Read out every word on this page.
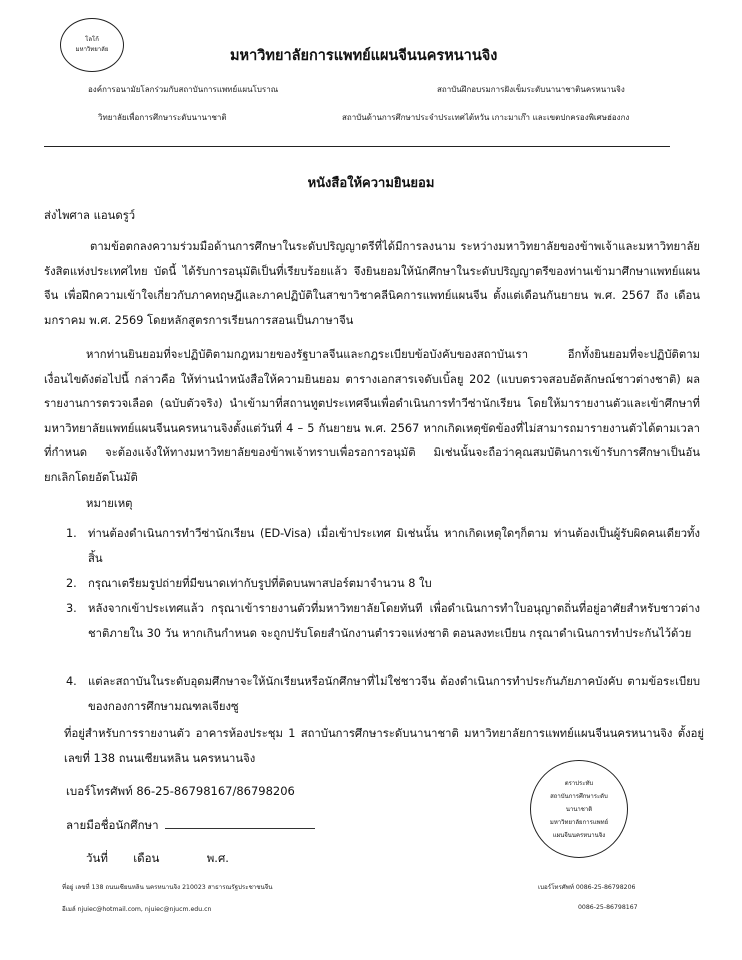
โลโก้
มหาวิทยาลัย	มหาวิทยาลัยการแพทย์แผนจีนนครหนานจิง
องค์การอนามัยโลกร่วมกับสถาบันการแพทย์แผนโบราณ	สถาบันฝึกอบรมการฝังเข็มระดับนานาชาตินครหนานจิง
วิทยาลัยเพื่อการศึกษาระดับนานาชาติ	สถาบันด้านการศึกษาประจำประเทศไต้หวัน เกาะมาเก๊า และเขตปกครองพิเศษฮ่องกง
หนังสือให้ความยินยอม
ส่งไพศาล แอนดรูว์
ตามข้อตกลงความร่วมมือด้านการศึกษาในระดับปริญญาตรีที่ได้มีการลงนาม ระหว่างมหาวิทยาลัยของข้าพเจ้าและมหาวิทยาลัยรังสิตแห่งประเทศไทย บัดนี้ ได้รับการอนุมัติเป็นที่เรียบร้อยแล้ว จึงยินยอมให้นักศึกษาในระดับปริญญาตรีของท่านเข้ามาศึกษาแพทย์แผนจีน เพื่อฝึกความเข้าใจเกี่ยวกับภาคทฤษฎีและภาคปฏิบัติในสาขาวิชาคลีนิคการแพทย์แผนจีน ตั้งแต่เดือนกันยายน พ.ศ. 2567 ถึง เดือน มกราคม พ.ศ. 2569 โดยหลักสูตรการเรียนการสอนเป็นภาษาจีน
หากท่านยินยอมที่จะปฏิบัติตามกฎหมายของรัฐบาลจีนและกฎระเบียบข้อบังคับของสถาบันเรา อีกทั้งยินยอมที่จะปฏิบัติตามเงื่อนไขดังต่อไปนี้ กล่าวคือ ให้ท่านนำหนังสือให้ความยินยอม ตารางเอกสารเจดับเบิ้ลยู 202 (แบบตรวจสอบอัตลักษณ์ชาวต่างชาติ) ผลรายงานการตรวจเลือด (ฉบับตัวจริง) นำเข้ามาที่สถานทูตประเทศจีนเพื่อดำเนินการทำวีซ่านักเรียน โดยให้มารายงานตัวและเข้าศึกษาที่มหาวิทยาลัยแพทย์แผนจีนนครหนานจิงตั้งแต่วันที่ 4 – 5 กันยายน พ.ศ. 2567 หากเกิดเหตุขัดข้องที่ไม่สามารถมารายงานตัวได้ตามเวลาที่กำหนด จะต้องแจ้งให้ทางมหาวิทยาลัยของข้าพเจ้าทราบเพื่อรอการอนุมัติ มิเช่นนั้นจะถือว่าคุณสมบัตินการเข้ารับการศึกษาเป็นอันยกเลิกโดยอัตโนมัติ
หมายเหตุ
1. ท่านต้องดำเนินการทำวีซ่านักเรียน (ED-Visa) เมื่อเข้าประเทศ มิเช่นนั้น หากเกิดเหตุใดๆก็ตาม ท่านต้องเป็นผู้รับผิดคนเดียวทั้งสิ้น
2. กรุณาเตรียมรูปถ่ายที่มีขนาดเท่ากับรูปที่ติดบนพาสปอร์ตมาจำนวน 8 ใบ
3. หลังจากเข้าประเทศแล้ว กรุณาเข้ารายงานตัวที่มหาวิทยาลัยโดยทันที เพื่อดำเนินการทำใบอนุญาตถิ่นที่อยู่อาศัยสำหรับชาวต่างชาติภายใน 30 วัน หากเกินกำหนด จะถูกปรับโดยสำนักงานตำรวจแห่งชาติ ตอนลงทะเบียน กรุณาดำเนินการทำประกันไว้ด้วย
4. แต่ละสถาบันในระดับอุดมศึกษาจะให้นักเรียนหรือนักศึกษาที่ไม่ใช่ชาวจีน ต้องดำเนินการทำประกันภัยภาคบังคับ ตามข้อระเบียบของกองการศึกษามณฑลเจียงซู
ที่อยู่สำหรับการรายงานตัว อาคารห้องประชุม 1 สถาบันการศึกษาระดับนานาชาติ มหาวิทยาลัยการแพทย์แผนจีนนครหนานจิง ตั้งอยู่เลขที่ 138 ถนนเซียนหลิน นครหนานจิง
เบอร์โทรศัพท์ 86-25-86798167/86798206
ลายมือชื่อนักศึกษา
วันที่ เดือน	พ.ศ.
ตราประทับ
สถาบันการศึกษาระดับ
นานาชาติ
มหาวิทยาลัยการแพทย์
แผนจีนนครหนานจิง
ที่อยู่ เลขที่ 138 ถนนเซียนหลิน นครหนานจิง 210023 สาธารณรัฐประชาชนจีน	เบอร์โทรศัพท์ 0086-25-86798206
อีเมล์ njuiec@hotmail.com, njuiec@njucm.edu.cn	0086-25-86798167
